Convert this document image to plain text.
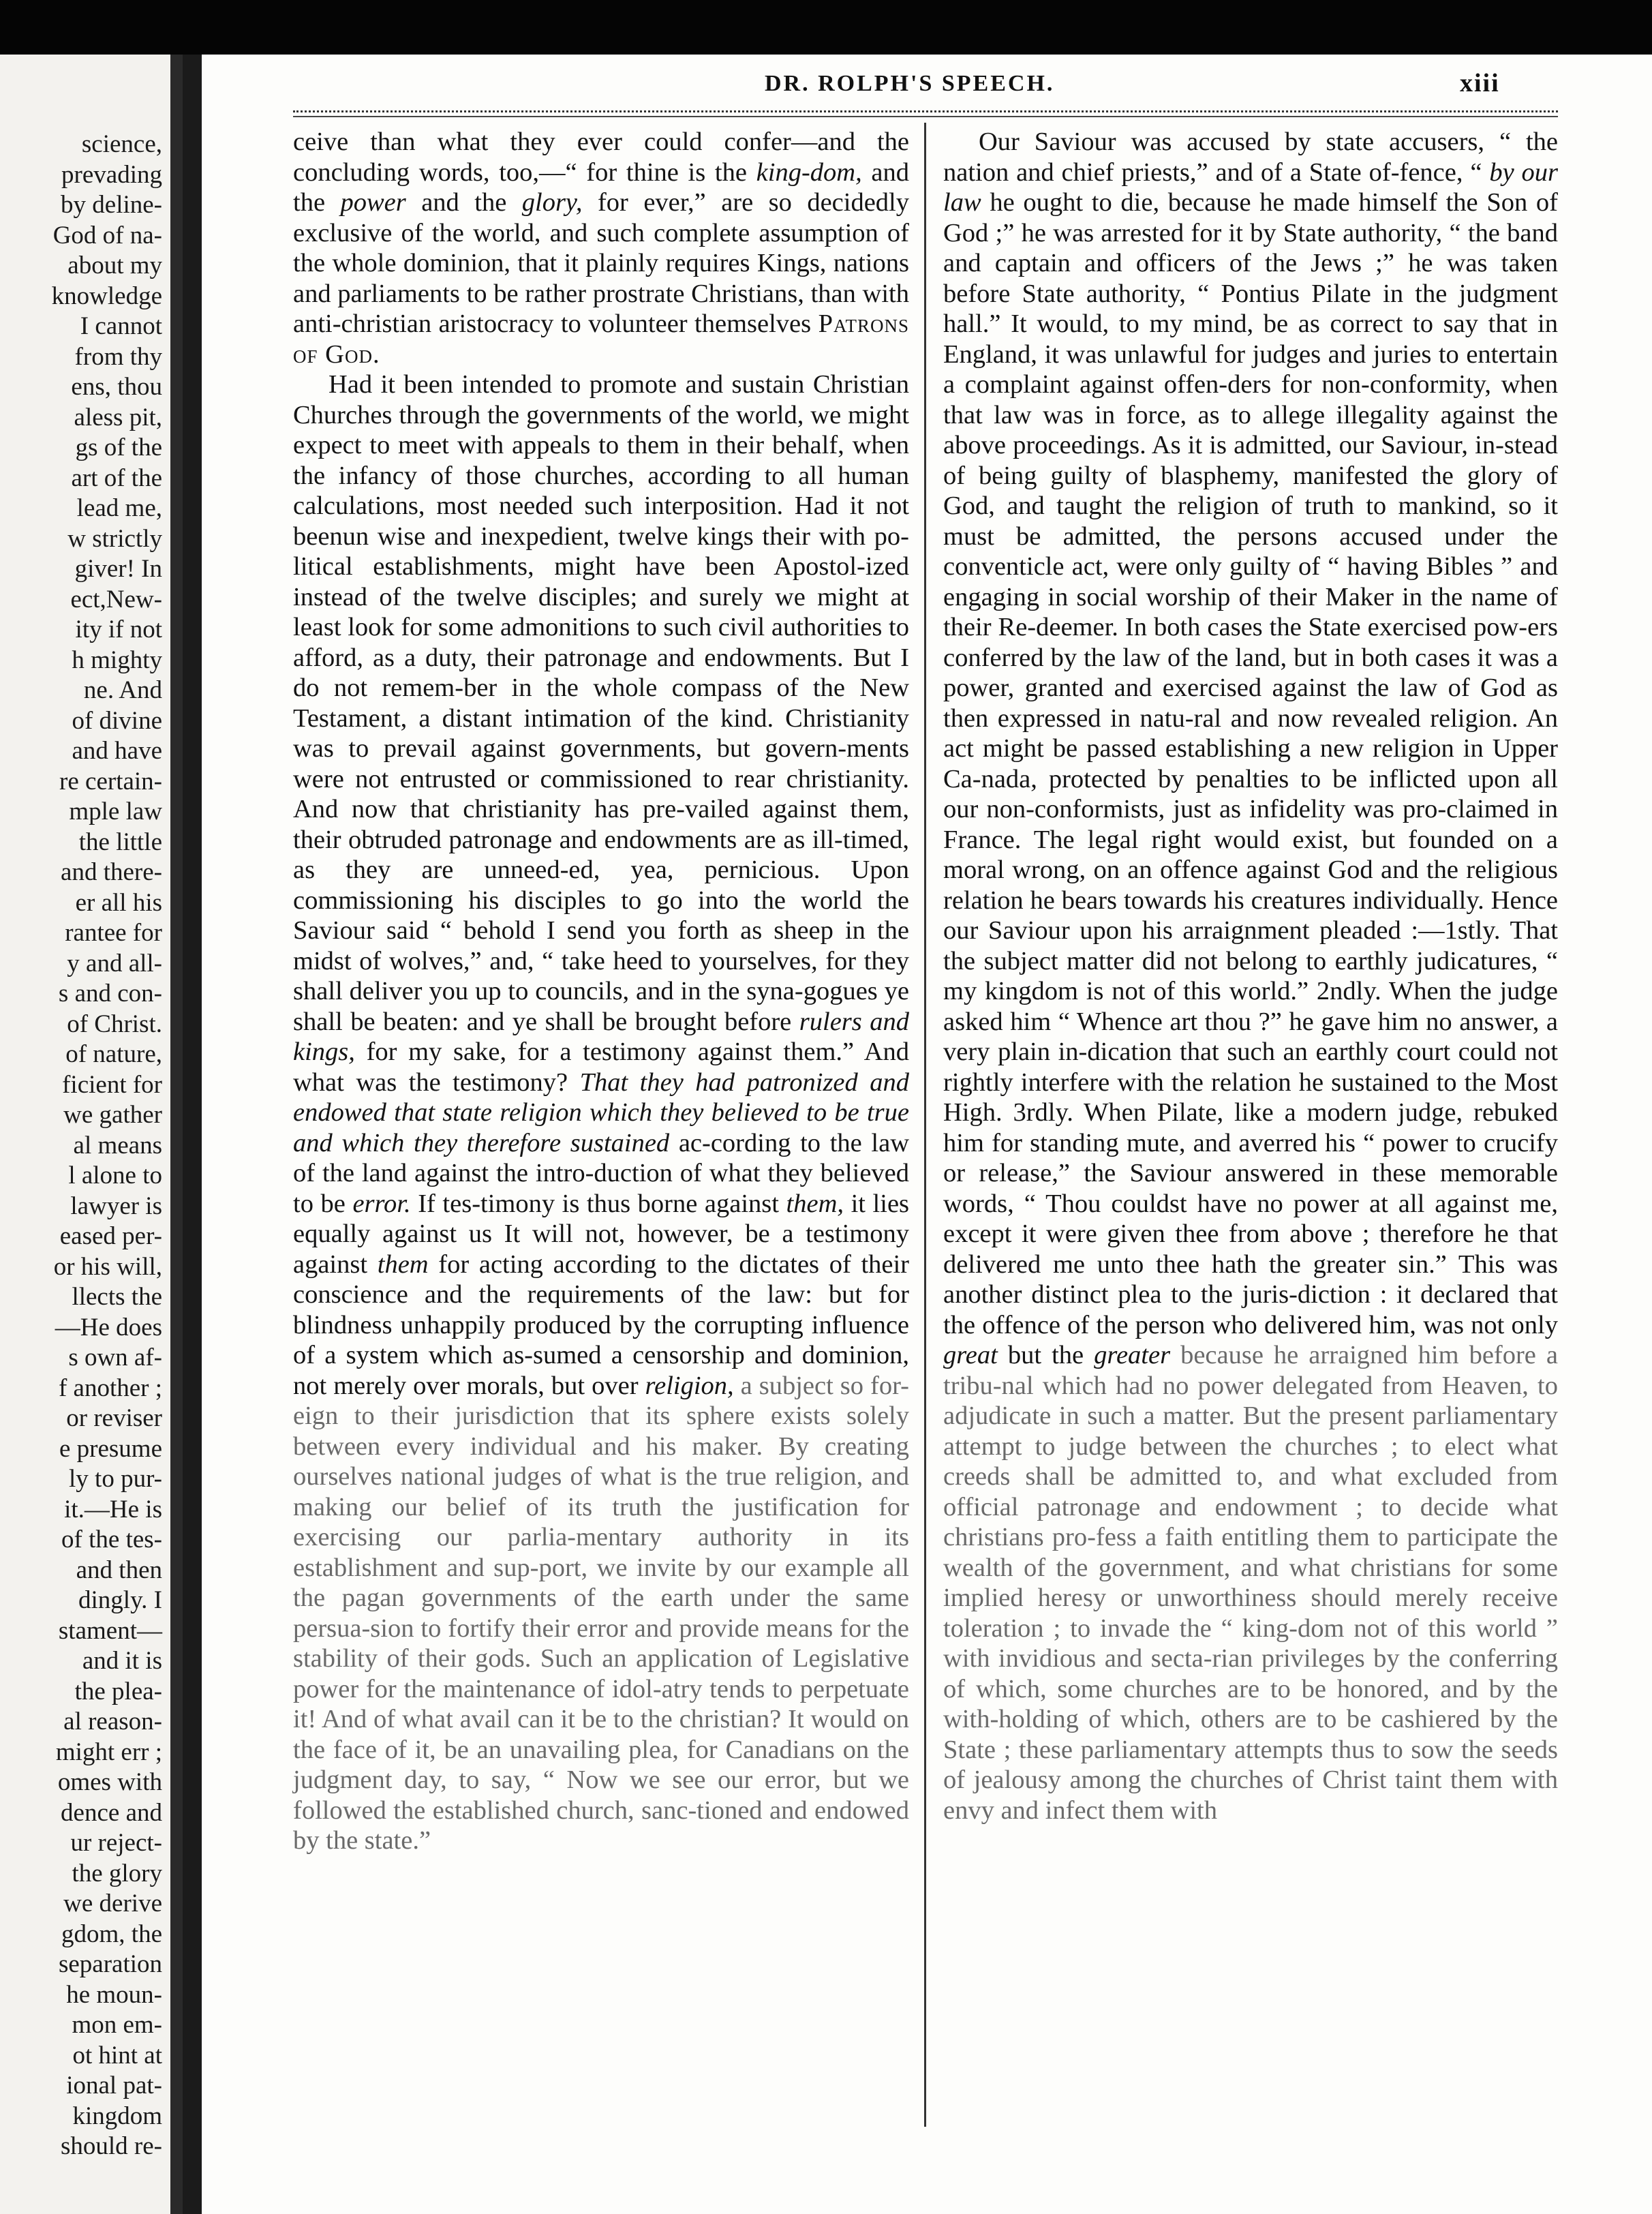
science,
prevading
by deline-
God of na-
about my
knowledge
I cannot
from thy
ens, thou
aless pit,
gs of the
art of the
lead me,
w strictly
giver! In
ect,New-
ity if not
h mighty
ne. And
of divine
and have
re certain-
mple law
the little
and there-
er all his
rantee for
y and all-
s and con-
of Christ.
of nature,
ficient for
we gather
al means
l alone to
lawyer is
eased per-
or his will,
llects the
—He does
s own af-
f another ;
or reviser
e presume
ly to pur-
it.—He is
of the tes-
and then
dingly. I
stament—
and it is
the plea-
al reason-
might err ;
omes with
dence and
ur reject-
the glory
we derive
gdom, the
separation
he moun-
mon em-
ot hint at
ional pat-
kingdom
should re-
DR. ROLPH'S SPEECH.	xiii

ceive than what they ever could confer—and the concluding words, too,—“ for thine is the king-dom, and the power and the glory, for ever,” are so decidedly exclusive of the world, and such complete assumption of the whole dominion, that it plainly requires Kings, nations and parliaments to be rather prostrate Christians, than with anti-christian aristocracy to volunteer themselves Patrons of God.

Had it been intended to promote and sustain Christian Churches through the governments of the world, we might expect to meet with appeals to them in their behalf, when the infancy of those churches, according to all human calculations, most needed such interposition. Had it not beenun wise and inexpedient, twelve kings their with po-litical establishments, might have been Apostol-ized instead of the twelve disciples; and surely we might at least look for some admonitions to such civil authorities to afford, as a duty, their patronage and endowments. But I do not remem-ber in the whole compass of the New Testament, a distant intimation of the kind. Christianity was to prevail against governments, but govern-ments were not entrusted or commissioned to rear christianity. And now that christianity has pre-vailed against them, their obtruded patronage and endowments are as ill-timed, as they are unneed-ed, yea, pernicious. Upon commissioning his disciples to go into the world the Saviour said “ behold I send you forth as sheep in the midst of wolves,” and, “ take heed to yourselves, for they shall deliver you up to councils, and in the syna-gogues ye shall be beaten: and ye shall be brought before rulers and kings, for my sake, for a testimony against them.” And what was the testimony? That they had patronized and endowed that state religion which they believed to be true and which they therefore sustained ac-cording to the law of the land against the intro-duction of what they believed to be error. If tes-timony is thus borne against them, it lies equally against us It will not, however, be a testimony against them for acting according to the dictates of their conscience and the requirements of the law: but for blindness unhappily produced by the corrupting influence of a system which as-sumed a censorship and dominion, not merely over morals, but over religion, a subject so for-eign to their jurisdiction that its sphere exists solely between every individual and his maker. By creating ourselves national judges of what is the true religion, and making our belief of its truth the justification for exercising our parlia-mentary authority in its establishment and sup-port, we invite by our example all the pagan governments of the earth under the same persua-sion to fortify their error and provide means for the stability of their gods. Such an application of Legislative power for the maintenance of idol-atry tends to perpetuate it! And of what avail can it be to the christian? It would on the face of it, be an unavailing plea, for Canadians on the judgment day, to say, “ Now we see our error, but we followed the established church, sanc-tioned and endowed by the state.”

Our Saviour was accused by state accusers, “ the nation and chief priests,” and of a State of-fence, “ by our law he ought to die, because he made himself the Son of God ;” he was arrested for it by State authority, “ the band and captain and officers of the Jews ;” he was taken before State authority, “ Pontius Pilate in the judgment hall.” It would, to my mind, be as correct to say that in England, it was unlawful for judges and juries to entertain a complaint against offen-ders for non-conformity, when that law was in force, as to allege illegality against the above proceedings. As it is admitted, our Saviour, in-stead of being guilty of blasphemy, manifested the glory of God, and taught the religion of truth to mankind, so it must be admitted, the persons accused under the conventicle act, were only guilty of “ having Bibles ” and engaging in social worship of their Maker in the name of their Re-deemer. In both cases the State exercised pow-ers conferred by the law of the land, but in both cases it was a power, granted and exercised against the law of God as then expressed in natu-ral and now revealed religion. An act might be passed establishing a new religion in Upper Ca-nada, protected by penalties to be inflicted upon all our non-conformists, just as infidelity was pro-claimed in France. The legal right would exist, but founded on a moral wrong, on an offence against God and the religious relation he bears towards his creatures individually. Hence our Saviour upon his arraignment pleaded :—1stly. That the subject matter did not belong to earthly judicatures, “ my kingdom is not of this world.” 2ndly. When the judge asked him “ Whence art thou ?” he gave him no answer, a very plain in-dication that such an earthly court could not rightly interfere with the relation he sustained to the Most High. 3rdly. When Pilate, like a modern judge, rebuked him for standing mute, and averred his “ power to crucify or release,” the Saviour answered in these memorable words, “ Thou couldst have no power at all against me, except it were given thee from above ; therefore he that delivered me unto thee hath the greater sin.” This was another distinct plea to the juris-diction : it declared that the offence of the person who delivered him, was not only great but the greater because he arraigned him before a tribu-nal which had no power delegated from Heaven, to adjudicate in such a matter. But the present parliamentary attempt to judge between the churches ; to elect what creeds shall be admitted to, and what excluded from official patronage and endowment ; to decide what christians pro-fess a faith entitling them to participate the wealth of the government, and what christians for some implied heresy or unworthiness should merely receive toleration ; to invade the “ king-dom not of this world ” with invidious and secta-rian privileges by the conferring of which, some churches are to be honored, and by the with-holding of which, others are to be cashiered by the State ; these parliamentary attempts thus to sow the seeds of jealousy among the churches of Christ taint them with envy and infect them with
